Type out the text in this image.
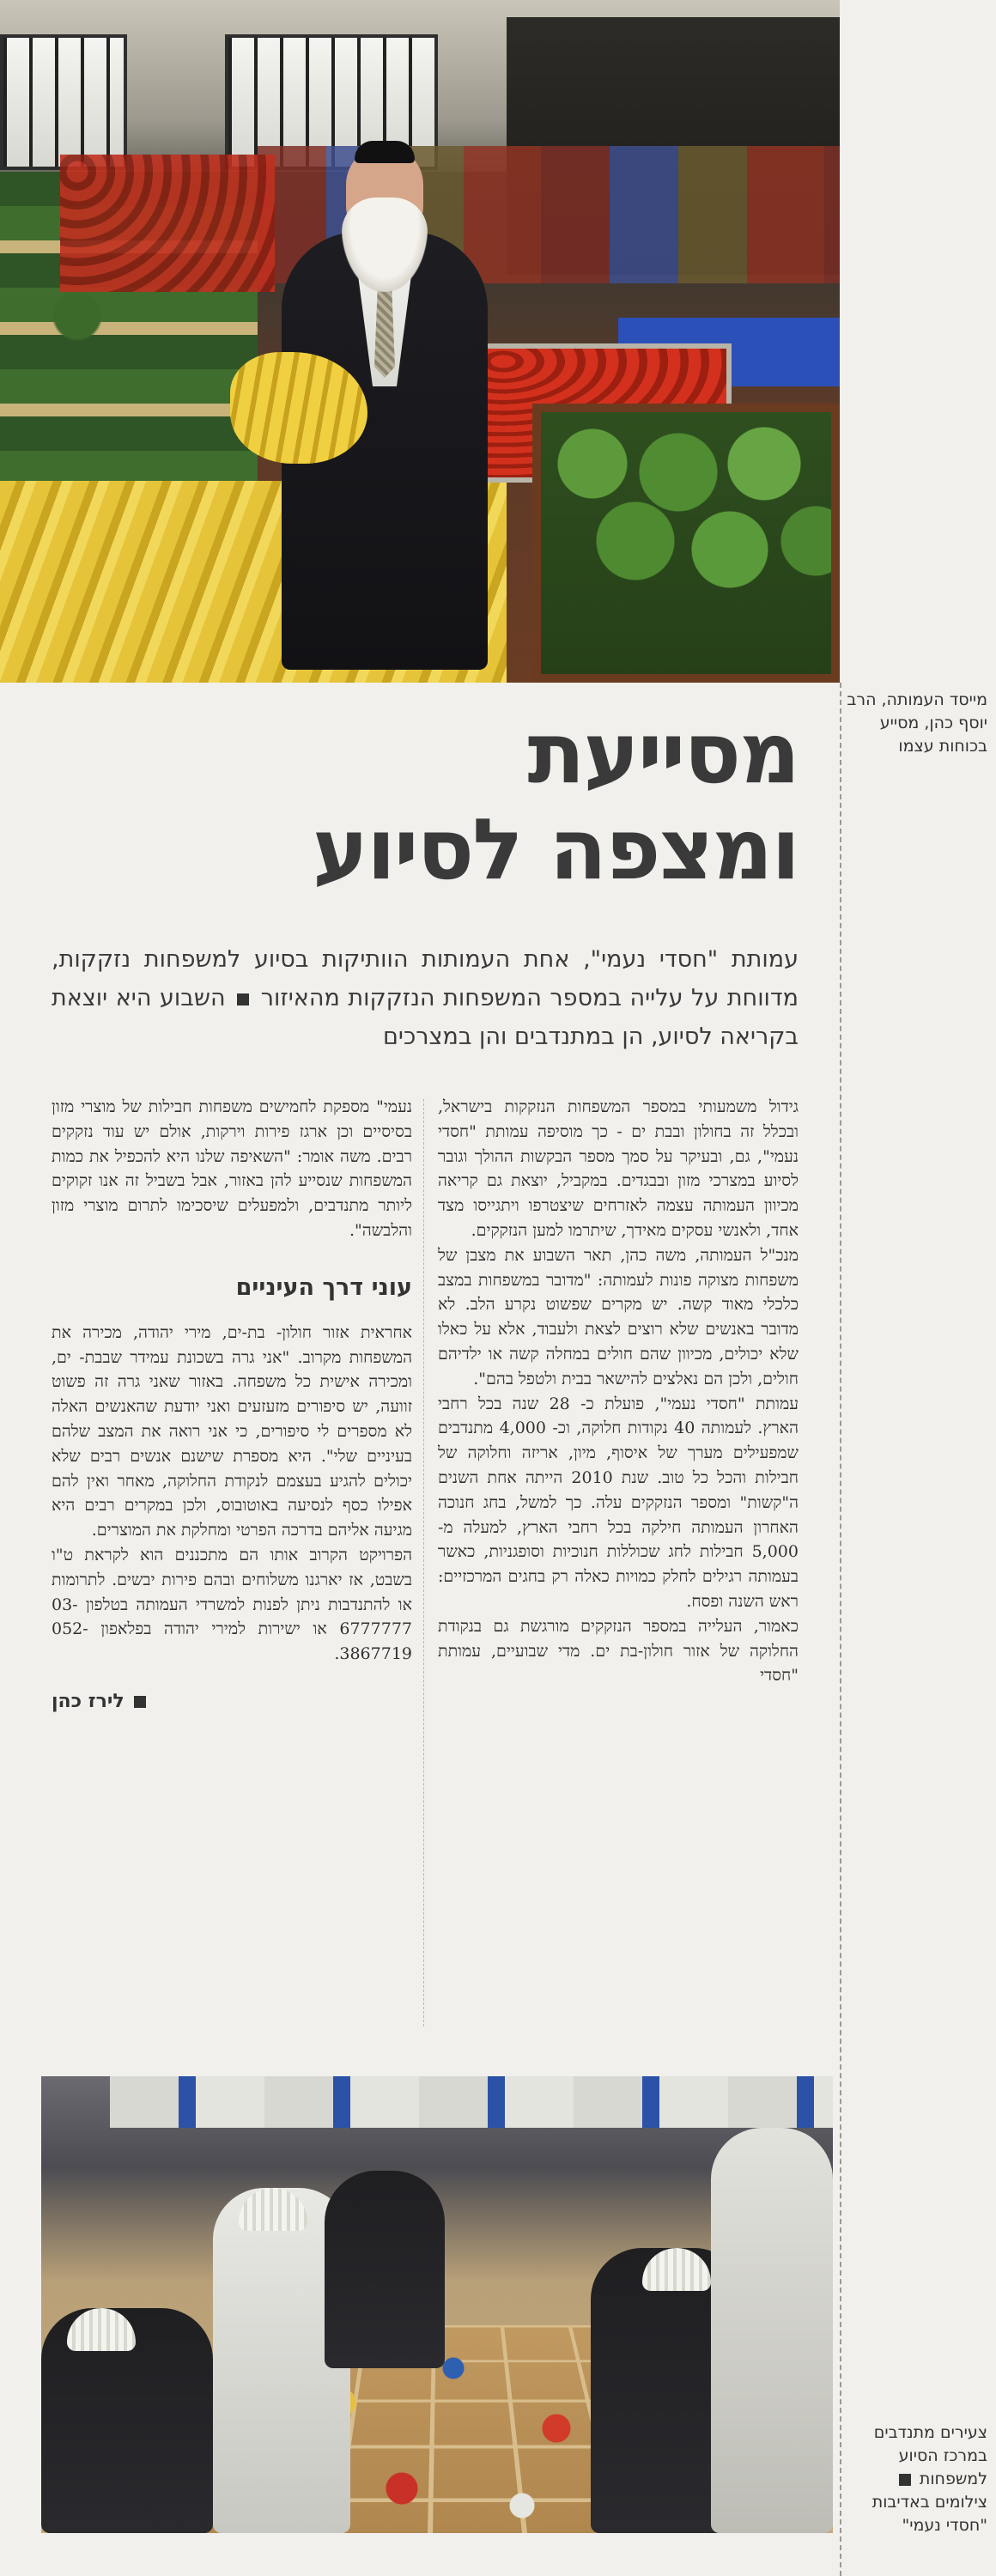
מייסד העמותה, הרב יוסף כהן, מסייע בכוחות עצמו
מסייעת
ומצפה לסיוע
עמותת "חסדי נעמי", אחת העמותות הוותיקות בסיוע למשפחות נזקקות, מדווחת על עלייה במספר המשפחות הנזקקות מהאיזור  השבוע היא יוצאת בקריאה לסיוע, הן במתנדבים והן במצרכים

גידול משמעותי במספר המשפחות הנזקקות בישראל, ובכלל זה בחולון ובבת ים - כך מוסיפה עמותת "חסדי נעמי", גם, ובעיקר על סמך מספר הבקשות ההולך וגובר לסיוע במצרכי מזון ובבגדים. במקביל, יוצאת גם קריאה מכיוון העמותה עצמה לאזרחים שיצטרפו ויתגייסו מצד אחד, ולאנשי עסקים מאידך, שיתרמו למען הנזקקים.

מנכ"ל העמותה, משה כהן, תאר השבוע את מצבן של משפחות מצוקה פונות לעמותה: "מדובר במשפחות במצב כלכלי מאוד קשה. יש מקרים שפשוט נקרע הלב. לא מדובר באנשים שלא רוצים לצאת ולעבוד, אלא על כאלו שלא יכולים, מכיוון שהם חולים במחלה קשה או ילדיהם חולים, ולכן הם נאלצים להישאר בבית ולטפל בהם".

עמותת "חסדי נעמי", פועלת כ- 28 שנה בכל רחבי הארץ. לעמותה 40 נקודות חלוקה, וכ- 4,000 מתנדבים שמפעילים מערך של איסוף, מיון, אריזה וחלוקה של חבילות והכל כל טוב. שנת 2010 הייתה אחת השנים ה"קשות" ומספר הנזקקים עלה. כך למשל, בחג חנוכה האחרון העמותה חילקה בכל רחבי הארץ, למעלה מ- 5,000 חבילות לחג שכוללות חנוכיות וסופגניות, כאשר בעמותה רגילים לחלק כמויות כאלה רק בחגים המרכזיים: ראש השנה ופסח.

כאמור, העלייה במספר הנזקקים מורגשת גם בנקודת החלוקה של אזור חולון-בת ים. מדי שבועיים, עמותת "חסדי

נעמי" מספקת לחמישים משפחות חבילות של מוצרי מזון בסיסיים וכן ארגז פירות וירקות, אולם יש עוד נזקקים רבים. משה אומר: "השאיפה שלנו היא להכפיל את כמות המשפחות שנסייע להן באזור, אבל בשביל זה אנו זקוקים ליותר מתנדבים, ולמפעלים שיסכימו לתרום מוצרי מזון והלבשה".

עוני דרך העיניים

אחראית אזור חולון- בת-ים, מירי יהודה, מכירה את המשפחות מקרוב. "אני גרה בשכונת עמידר שבבת- ים, ומכירה אישית כל משפחה. באזור שאני גרה זה פשוט זוועה, יש סיפורים מזעזעים ואני יודעת שהאנשים האלה לא מספרים לי סיפורים, כי אני רואה את המצב שלהם בעיניים שלי". היא מספרת שישנם אנשים רבים שלא יכולים להגיע בעצמם לנקודת החלוקה, מאחר ואין להם אפילו כסף לנסיעה באוטובוס, ולכן במקרים רבים היא מגיעה אליהם בדרכה הפרטי ומחלקת את המוצרים.

הפרויקט הקרוב אותו הם מתכננים הוא לקראת ט"ו בשבט, אז יארגנו משלוחים ובהם פירות יבשים. לתרומות או להתנדבות ניתן לפנות למשרדי העמותה בטלפון 03-6777777 או ישירות למירי יהודה בפלאפון 052-3867719.

לירז כהן
צעירים מתנדבים במרכז הסיוע למשפחות  צילומים באדיבות "חסדי נעמי"
